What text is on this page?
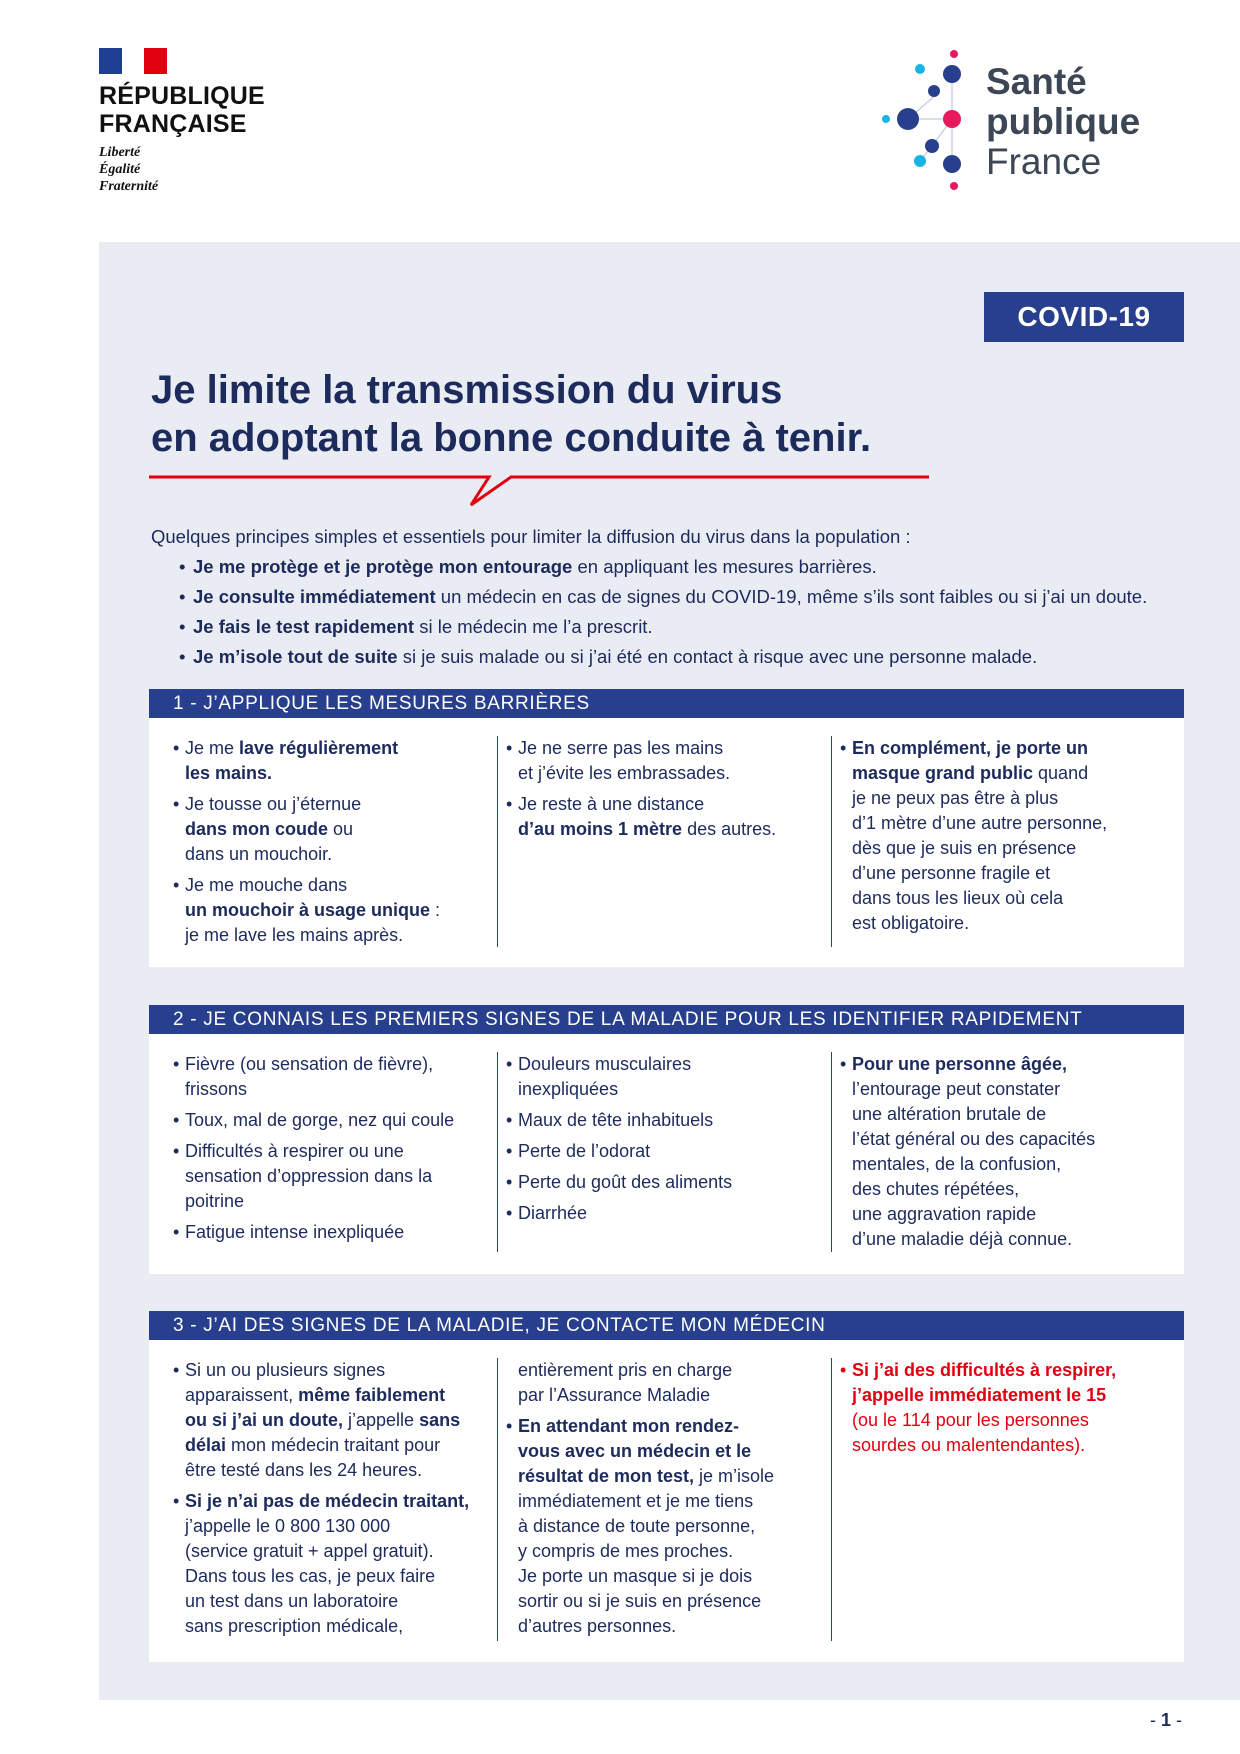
RÉPUBLIQUE
FRANÇAISE
Liberté
Égalité
Fraternité
Santé
publique
France
COVID-19
Je limite la transmission du virus
en adoptant la bonne conduite à tenir.
Quelques principes simples et essentiels pour limiter la diffusion du virus dans la population :
• Je me protège et je protège mon entourage en appliquant les mesures barrières.
• Je consulte immédiatement un médecin en cas de signes du COVID-19, même s’ils sont faibles ou si j’ai un doute.
• Je fais le test rapidement si le médecin me l’a prescrit.
• Je m’isole tout de suite si je suis malade ou si j’ai été en contact à risque avec une personne malade.
1 - J’APPLIQUE LES MESURES BARRIÈRES
• Je me lave régulièrement
les mains.
• Je tousse ou j’éternue
dans mon coude ou
dans un mouchoir.
• Je me mouche dans
un mouchoir à usage unique :
je me lave les mains après.
• Je ne serre pas les mains
et j’évite les embrassades.
• Je reste à une distance
d’au moins 1 mètre des autres.
• En complément, je porte un
masque grand public quand
je ne peux pas être à plus
d’1 mètre d’une autre personne,
dès que je suis en présence
d’une personne fragile et
dans tous les lieux où cela
est obligatoire.
2 - JE CONNAIS LES PREMIERS SIGNES DE LA MALADIE POUR LES IDENTIFIER RAPIDEMENT
• Fièvre (ou sensation de fièvre),
frissons
• Toux, mal de gorge, nez qui coule
• Difficultés à respirer ou une
sensation d’oppression dans la
poitrine
• Fatigue intense inexpliquée
• Douleurs musculaires
inexpliquées
• Maux de tête inhabituels
• Perte de l’odorat
• Perte du goût des aliments
• Diarrhée
• Pour une personne âgée,
l’entourage peut constater
une altération brutale de
l’état général ou des capacités
mentales, de la confusion,
des chutes répétées,
une aggravation rapide
d’une maladie déjà connue.
3 - J’AI DES SIGNES DE LA MALADIE, JE CONTACTE MON MÉDECIN
• Si un ou plusieurs signes
apparaissent, même faiblement
ou si j’ai un doute, j’appelle sans
délai mon médecin traitant pour
être testé dans les 24 heures.
• Si je n’ai pas de médecin traitant,
j’appelle le 0 800 130 000
(service gratuit + appel gratuit).
Dans tous les cas, je peux faire
un test dans un laboratoire
sans prescription médicale,
entièrement pris en charge
par l’Assurance Maladie
• En attendant mon rendez-
vous avec un médecin et le
résultat de mon test, je m’isole
immédiatement et je me tiens
à distance de toute personne,
y compris de mes proches.
Je porte un masque si je dois
sortir ou si je suis en présence
d’autres personnes.
• Si j’ai des difficultés à respirer,
j’appelle immédiatement le 15
(ou le 114 pour les personnes
sourdes ou malentendantes).
- 1 -
